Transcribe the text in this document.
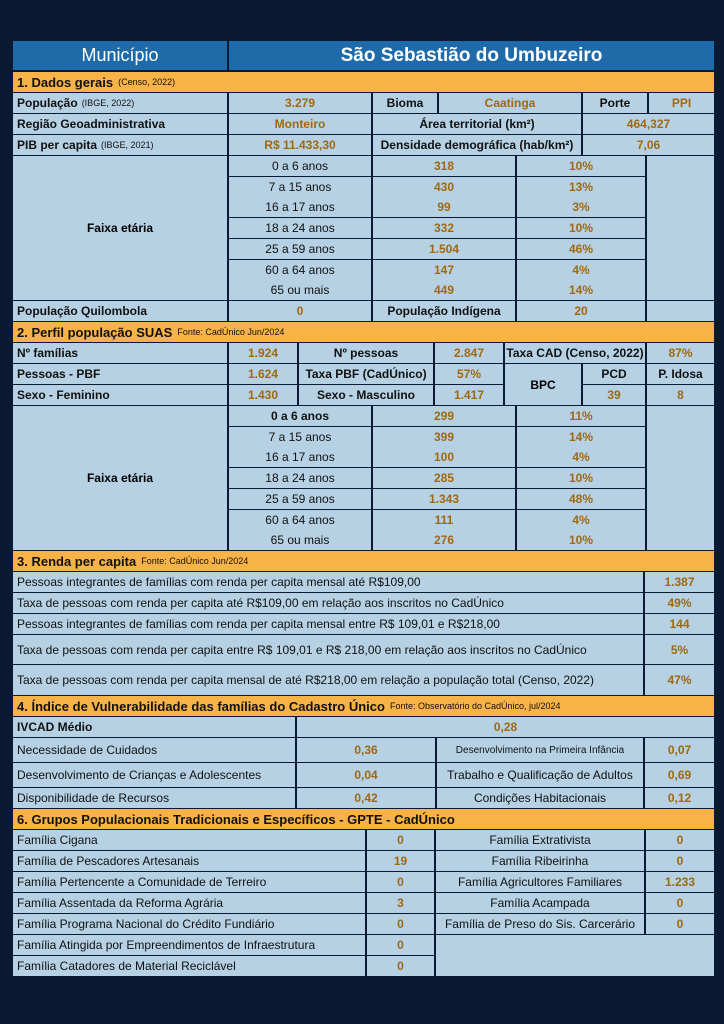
Município	São Sebastião do Umbuzeiro
1. Dados gerais (Censo, 2022)
População (IBGE, 2022)	3.279	Bioma	Caatinga	Porte	PPI
Região Geoadministrativa	Monteiro	Área territorial (km²)	464,327
PIB per capita (IBGE, 2021)	R$ 11.433,30	Densidade demográfica (hab/km²)	7,06
Faixa etária
0 a 6 anos	318	10%
7 a 15 anos	430	13%
16 a 17 anos	99	3%
18 a 24 anos	332	10%
25 a 59 anos	1.504	46%
60 a 64 anos	147	4%
65 ou mais	449	14%
População Quilombola	0	População Indígena	20
2. Perfil população SUAS Fonte: CadÚnico Jun/2024
Nº famílias	1.924	Nº pessoas	2.847	Taxa CAD (Censo, 2022)	87%
Pessoas - PBF	1.624	Taxa PBF (CadÚnico)	57%	PCD	P. Idosa
BPC
Sexo - Feminino	1.430	Sexo - Masculino	1.417	39	8
Faixa etária
0 a 6 anos	299	11%
7 a 15 anos	399	14%
16 a 17 anos	100	4%
18 a 24 anos	285	10%
25 a 59 anos	1.343	48%
60 a 64 anos	111	4%
65 ou mais	276	10%
3. Renda per capita Fonte: CadÚnico Jun/2024
Pessoas integrantes de famílias com renda per capita mensal até R$109,00	1.387
Taxa de pessoas com renda per capita até R$109,00 em relação aos inscritos no CadÚnico	49%
Pessoas integrantes de famílias com renda per capita mensal entre R$ 109,01 e R$218,00	144
Taxa de pessoas com renda per capita entre R$ 109,01 e R$ 218,00 em relação aos inscritos no CadÚnico	5%
Taxa de pessoas com renda per capita mensal de até R$218,00 em relação a população total (Censo, 2022)	47%
4. Índice de Vulnerabilidade das famílias do Cadastro Único Fonte: Observatório do CadÚnico, jul/2024
IVCAD Médio	0,28
Necessidade de Cuidados	0,36	Desenvolvimento na Primeira Infância	0,07
Desenvolvimento de Crianças e Adolescentes	0,04	Trabalho e Qualificação de Adultos	0,69
Disponibilidade de Recursos	0,42	Condições Habitacionais	0,12
6. Grupos Populacionais Tradicionais e Específicos - GPTE - CadÚnico
Família Cigana	0	Família Extrativista	0
Família de Pescadores Artesanais	19	Família Ribeirinha	0
Família Pertencente a Comunidade de Terreiro	0	Família Agricultores Familiares	1.233
Família Assentada da Reforma Agrária	3	Família Acampada	0
Família Programa Nacional do Crédito Fundiário	0	Família de Preso do Sis. Carcerário	0
Família Atingida por Empreendimentos de Infraestrutura	0
Família Catadores de Material Reciclável	0
